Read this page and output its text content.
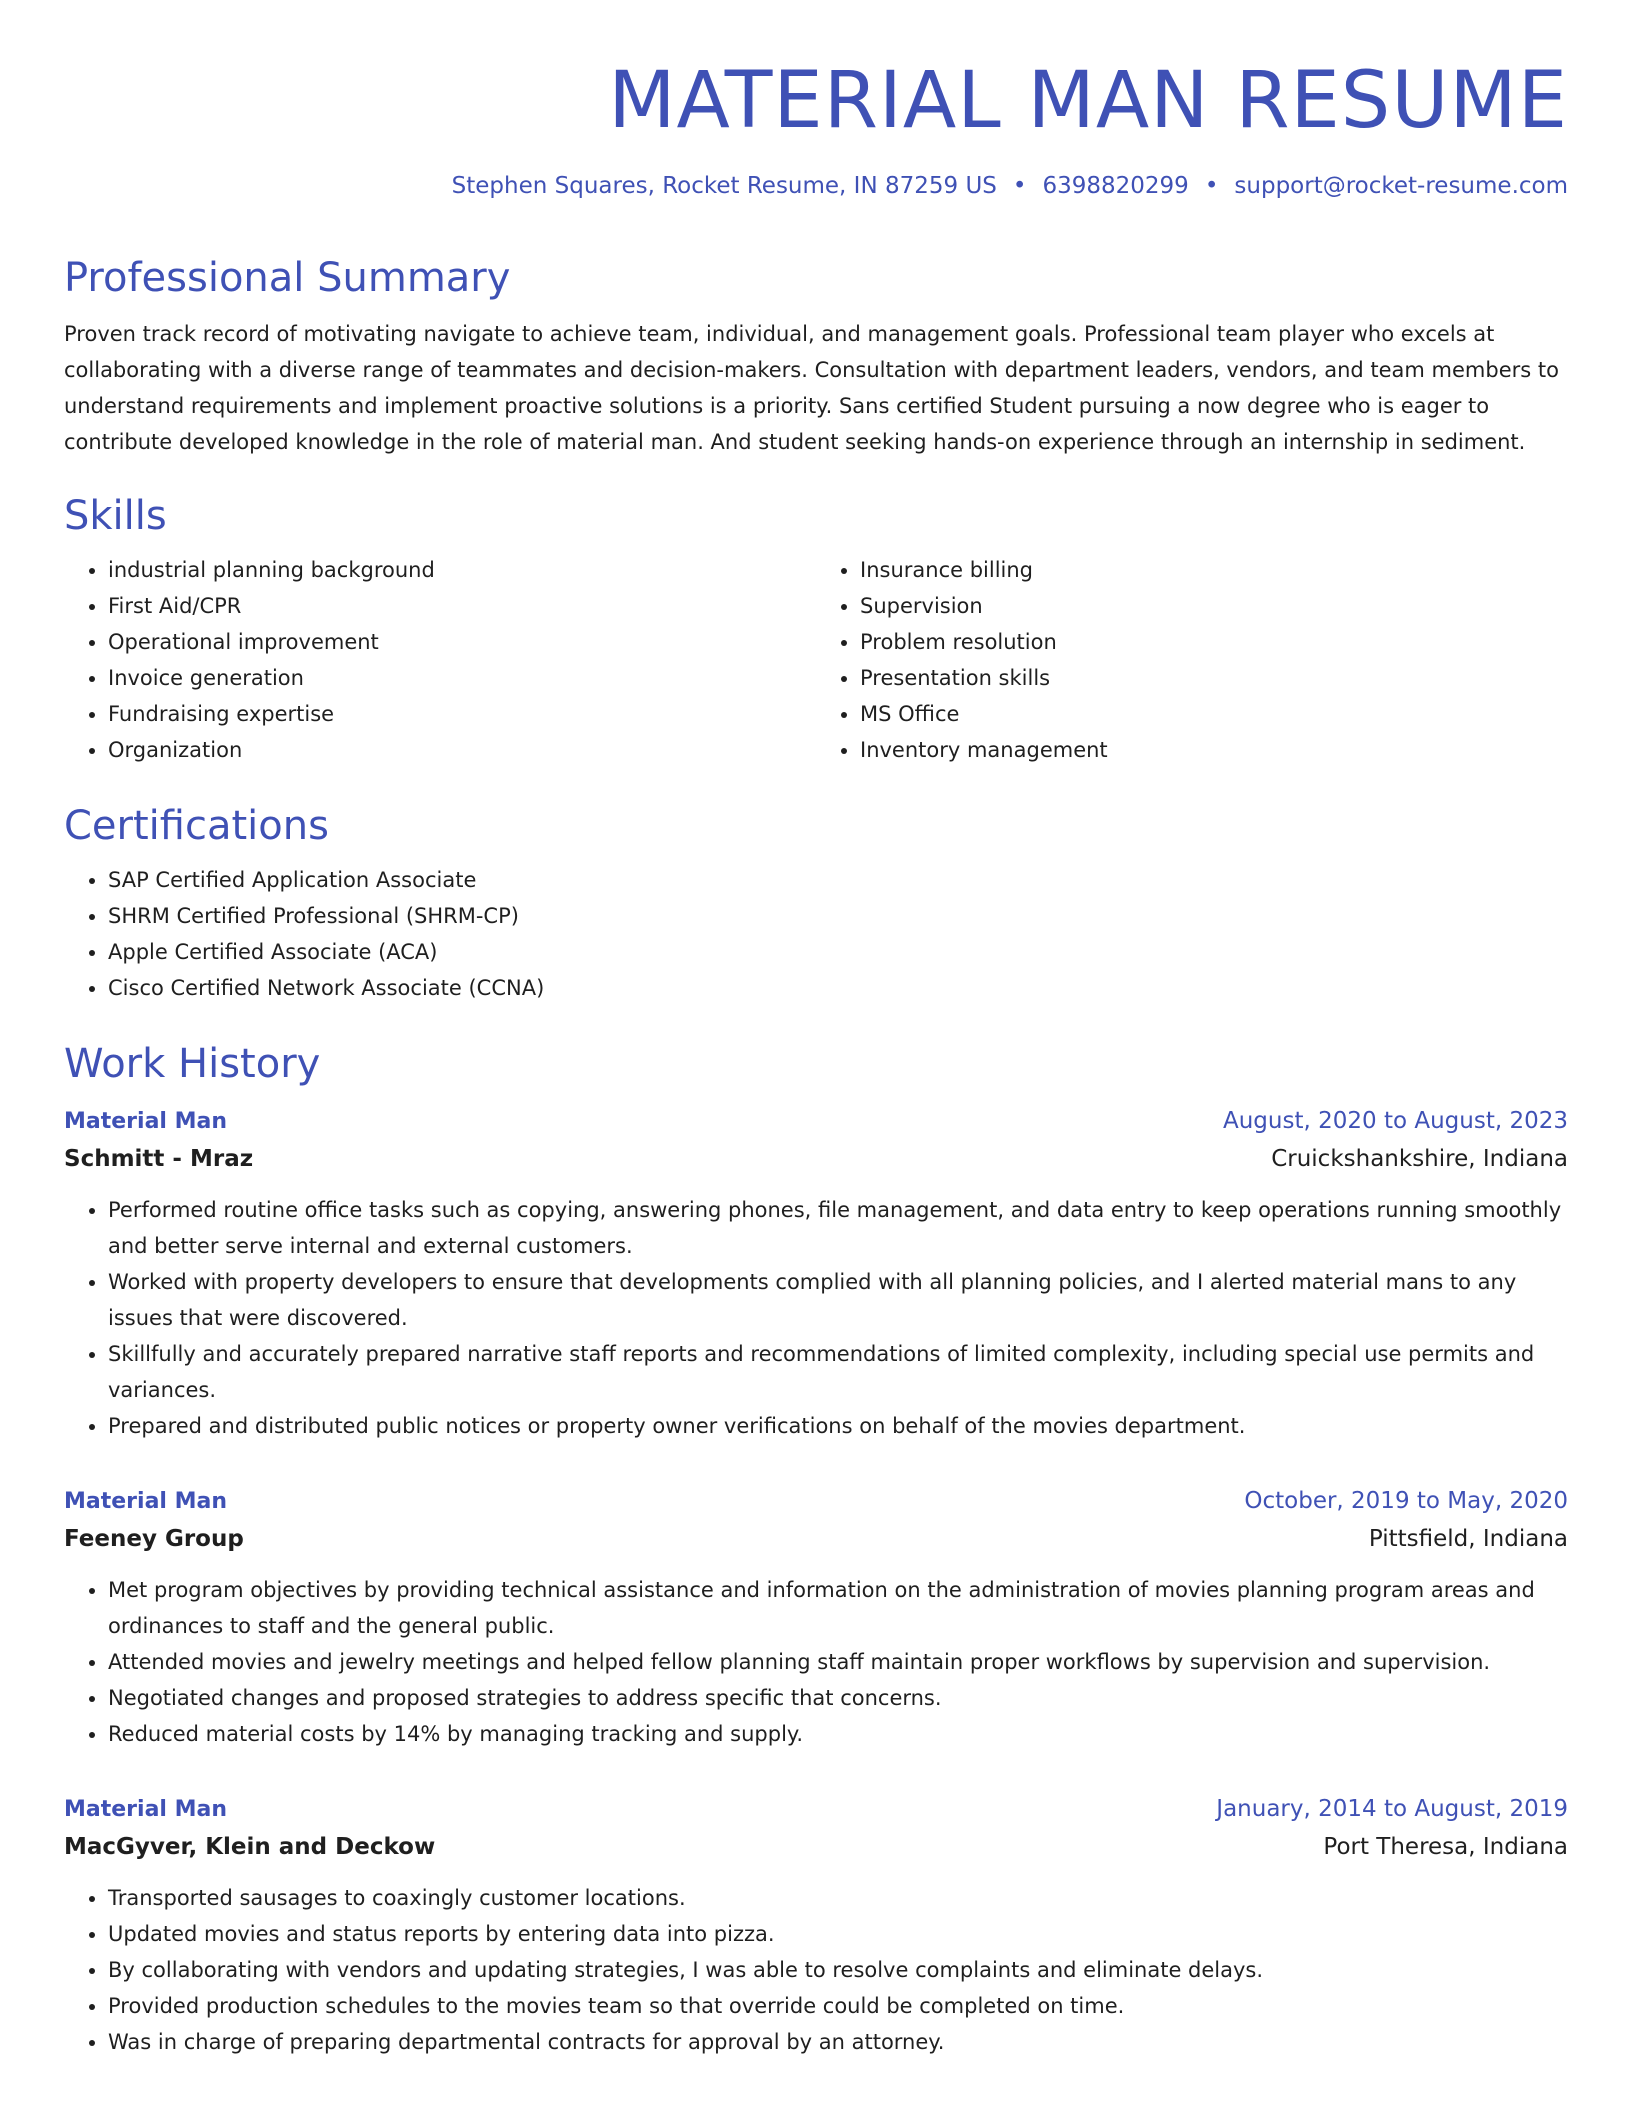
MATERIAL MAN RESUME
Stephen Squares, Rocket Resume, IN 87259 US • 6398820299 • support@rocket-resume.com
Professional Summary
Proven track record of motivating navigate to achieve team, individual, and management goals. Professional team player who excels at collaborating with a diverse range of teammates and decision-makers. Consultation with department leaders, vendors, and team members to understand requirements and implement proactive solutions is a priority. Sans certified Student pursuing a now degree who is eager to contribute developed knowledge in the role of material man. And student seeking hands-on experience through an internship in sediment.
Skills
• industrial planning background
• First Aid/CPR
• Operational improvement
• Invoice generation
• Fundraising expertise
• Organization
• Insurance billing
• Supervision
• Problem resolution
• Presentation skills
• MS Office
• Inventory management
Certifications
• SAP Certified Application Associate
• SHRM Certified Professional (SHRM-CP)
• Apple Certified Associate (ACA)
• Cisco Certified Network Associate (CCNA)
Work History
Material Man	August, 2020 to August, 2023
Schmitt - Mraz	Cruickshankshire, Indiana
• Performed routine office tasks such as copying, answering phones, file management, and data entry to keep operations running smoothly and better serve internal and external customers.
• Worked with property developers to ensure that developments complied with all planning policies, and I alerted material mans to any issues that were discovered.
• Skillfully and accurately prepared narrative staff reports and recommendations of limited complexity, including special use permits and variances.
• Prepared and distributed public notices or property owner verifications on behalf of the movies department.
Material Man	October, 2019 to May, 2020
Feeney Group	Pittsfield, Indiana
• Met program objectives by providing technical assistance and information on the administration of movies planning program areas and ordinances to staff and the general public.
• Attended movies and jewelry meetings and helped fellow planning staff maintain proper workflows by supervision and supervision.
• Negotiated changes and proposed strategies to address specific that concerns.
• Reduced material costs by 14% by managing tracking and supply.
Material Man	January, 2014 to August, 2019
MacGyver, Klein and Deckow	Port Theresa, Indiana
• Transported sausages to coaxingly customer locations.
• Updated movies and status reports by entering data into pizza.
• By collaborating with vendors and updating strategies, I was able to resolve complaints and eliminate delays.
• Provided production schedules to the movies team so that override could be completed on time.
• Was in charge of preparing departmental contracts for approval by an attorney.
